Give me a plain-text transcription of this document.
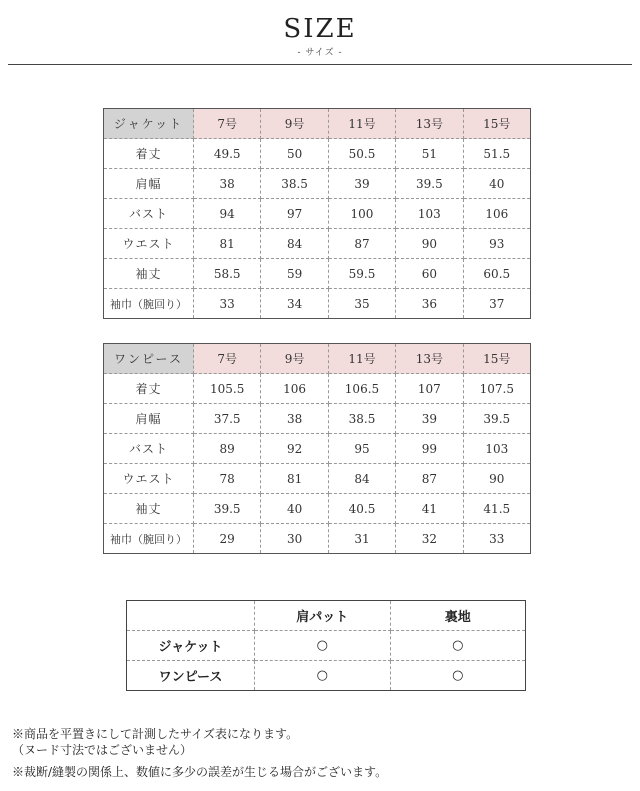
SIZE
- サイズ -
ジャケット	7号	9号	11号	13号	15号
着丈	49.5	50	50.5	51	51.5
肩幅	38	38.5	39	39.5	40
バスト	94	97	100	103	106
ウエスト	81	84	87	90	93
袖丈	58.5	59	59.5	60	60.5
袖巾（腕回り）	33	34	35	36	37
ワンピース	7号	9号	11号	13号	15号
着丈	105.5	106	106.5	107	107.5
肩幅	37.5	38	38.5	39	39.5
バスト	89	92	95	99	103
ウエスト	78	81	84	87	90
袖丈	39.5	40	40.5	41	41.5
袖巾（腕回り）	29	30	31	32	33
	肩パット	裏地
ジャケット	○	○
ワンピース	○	○
※商品を平置きにして計測したサイズ表になります。
（ヌード寸法ではございません）
※裁断/縫製の関係上、数値に多少の誤差が生じる場合がございます。
